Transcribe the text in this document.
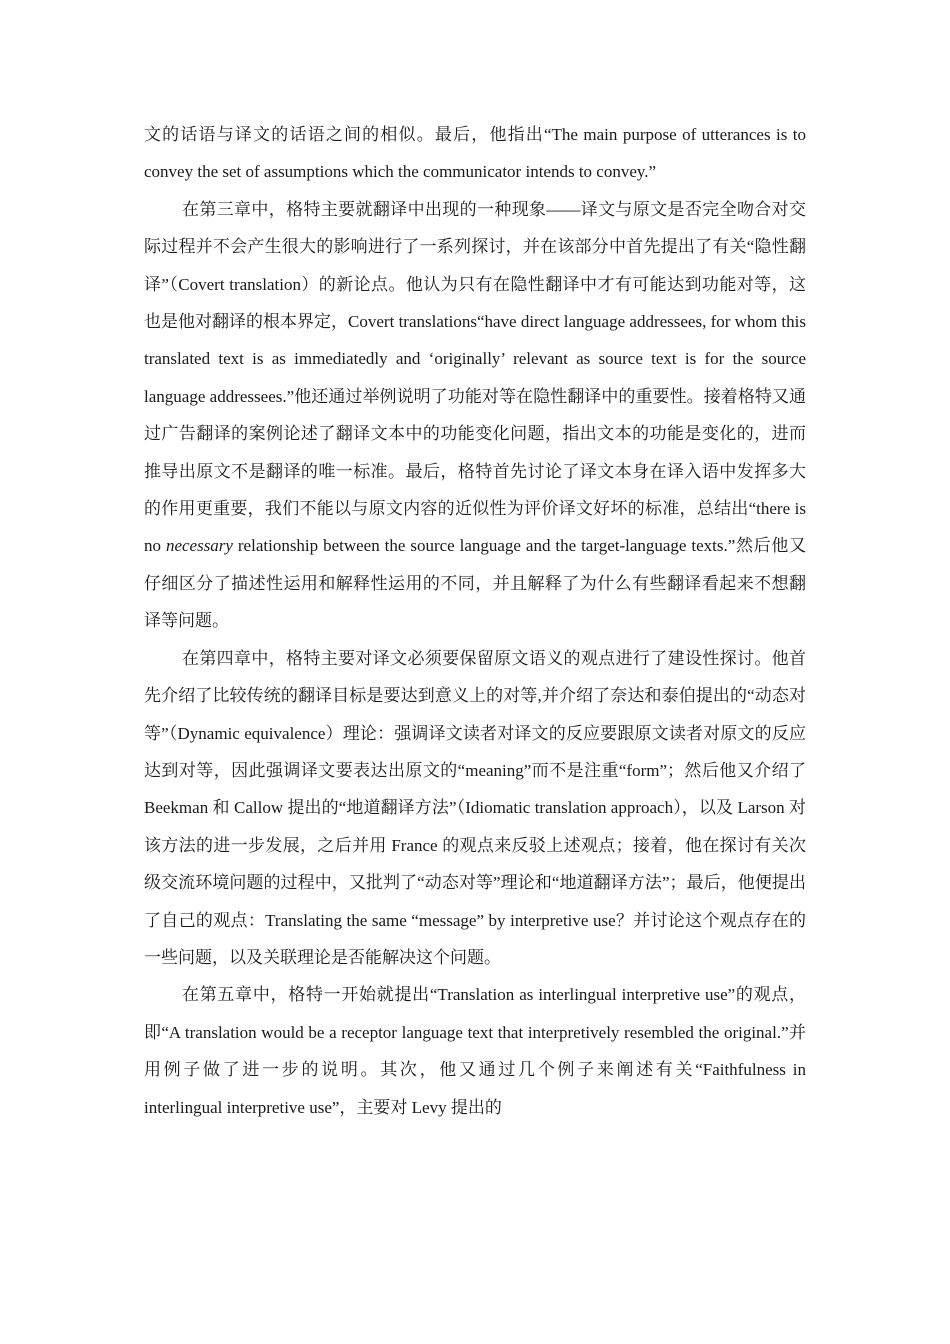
文的话语与译文的话语之间的相似。最后，他指出“The main purpose of utterances is to convey the set of assumptions which the communicator intends to convey.”

在第三章中，格特主要就翻译中出现的一种现象——译文与原文是否完全吻合对交际过程并不会产生很大的影响进行了一系列探讨，并在该部分中首先提出了有关“隐性翻译”（Covert translation）的新论点。他认为只有在隐性翻译中才有可能达到功能对等，这也是他对翻译的根本界定，Covert translations“have direct language addressees, for whom this translated text is as immediatedly and ‘originally’ relevant as source text is for the source language addressees.”他还通过举例说明了功能对等在隐性翻译中的重要性。接着格特又通过广告翻译的案例论述了翻译文本中的功能变化问题，指出文本的功能是变化的，进而推导出原文不是翻译的唯一标准。最后，格特首先讨论了译文本身在译入语中发挥多大的作用更重要，我们不能以与原文内容的近似性为评价译文好坏的标准，总结出“there is no necessary relationship between the source language and the target-language texts.”然后他又仔细区分了描述性运用和解释性运用的不同，并且解释了为什么有些翻译看起来不想翻译等问题。

在第四章中，格特主要对译文必须要保留原文语义的观点进行了建设性探讨。他首先介绍了比较传统的翻译目标是要达到意义上的对等,并介绍了奈达和泰伯提出的“动态对等”（Dynamic equivalence）理论：强调译文读者对译文的反应要跟原文读者对原文的反应达到对等，因此强调译文要表达出原文的“meaning”而不是注重“form”；然后他又介绍了 Beekman 和 Callow 提出的“地道翻译方法”（Idiomatic translation approach），以及 Larson 对该方法的进一步发展，之后并用 France 的观点来反驳上述观点；接着，他在探讨有关次级交流环境问题的过程中，又批判了“动态对等”理论和“地道翻译方法”；最后，他便提出了自己的观点：Translating the same “message” by interpretive use？并讨论这个观点存在的一些问题，以及关联理论是否能解决这个问题。

在第五章中，格特一开始就提出“Translation as interlingual interpretive use”的观点，即“A translation would be a receptor language text that interpretively resembled the original.”并用例子做了进一步的说明。其次，他又通过几个例子来阐述有关“Faithfulness in interlingual interpretive use”，主要对 Levy 提出的
